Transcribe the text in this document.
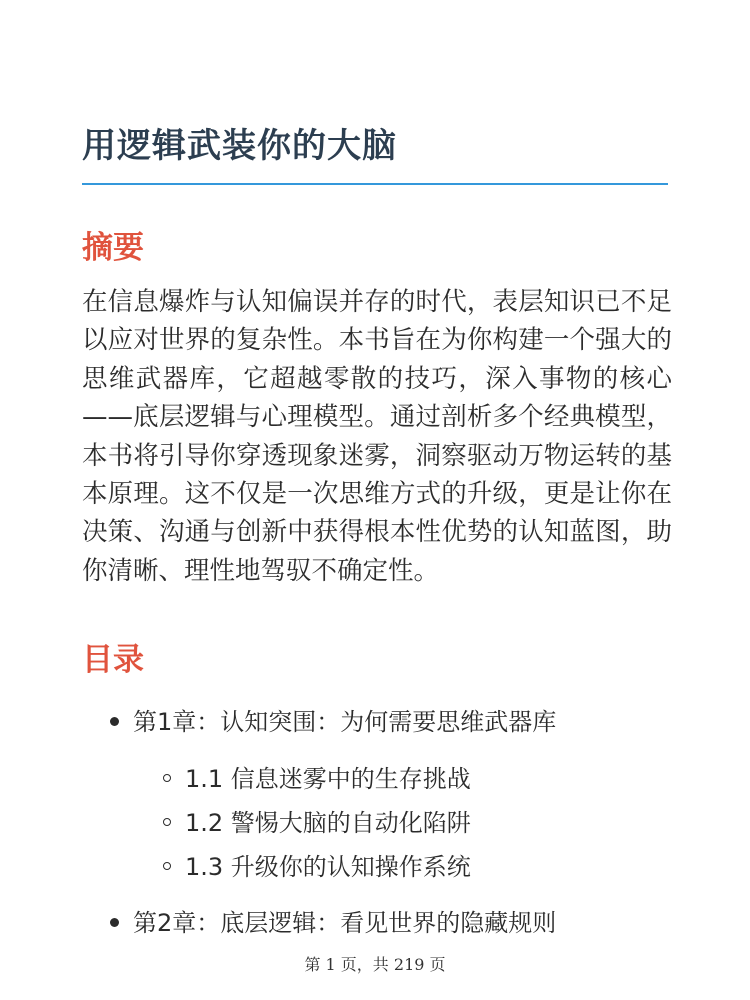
用逻辑武装你的大脑
摘要

在信息爆炸与认知偏误并存的时代，表层知识已不足以应对世界的复杂性。本书旨在为你构建一个强大的思维武器库，它超越零散的技巧，深入事物的核心——底层逻辑与心理模型。通过剖析多个经典模型，本书将引导你穿透现象迷雾，洞察驱动万物运转的基本原理。这不仅是一次思维方式的升级，更是让你在决策、沟通与创新中获得根本性优势的认知蓝图，助你清晰、理性地驾驭不确定性。

目录
第1章：认知突围：为何需要思维武器库
1.1 信息迷雾中的生存挑战
1.2 警惕大脑的自动化陷阱
1.3 升级你的认知操作系统
第2章：底层逻辑：看见世界的隐藏规则
第 1 页，共 219 页
